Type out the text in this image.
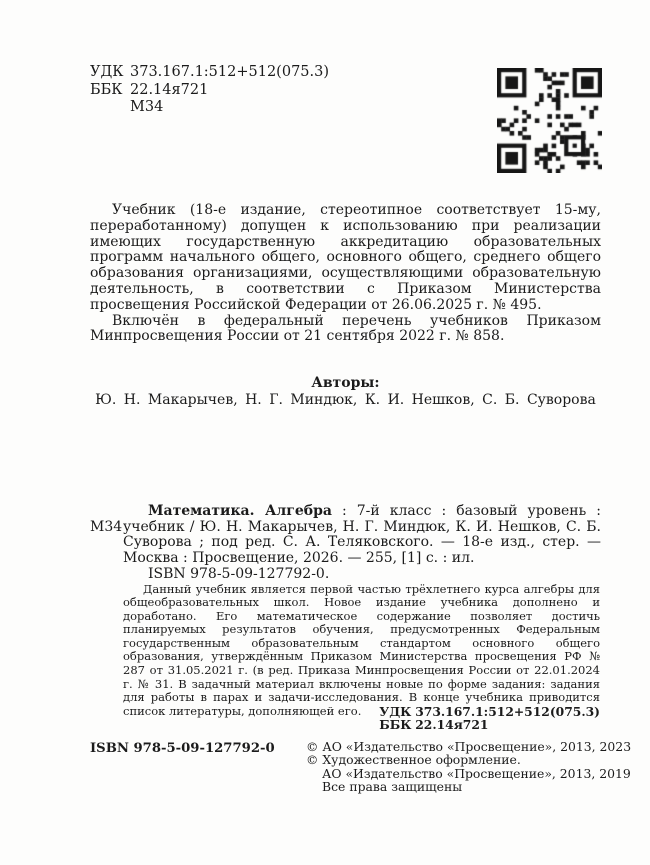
УДК 373.167.1:512+512(075.3)
ББК 22.14я721
М34

Учебник (18-е издание, стереотипное соответствует 15-му, переработанному) допущен к использованию при реализации имеющих государственную аккредитацию образовательных программ начального общего, основного общего, среднего общего образования организациями, осуществляющими образовательную деятельность, в соответствии с Приказом Министерства просвещения Российской Федерации от 26.06.2025 г. № 495.

Включён в федеральный перечень учебников Приказом Минпросвещения России от 21 сентября 2022 г. № 858.

Авторы:
Ю. Н. Макарычев, Н. Г. Миндюк, К. И. Нешков, С. Б. Суворова
М34

Математика. Алгебра : 7-й класс : базовый уровень : учебник / Ю. Н. Макарычев, Н. Г. Миндюк, К. И. Нешков, С. Б. Суворова ; под ред. С. А. Теляковского. — 18-е изд., стер. — Москва : Просвещение, 2026. — 255, [1] с. : ил.

ISBN 978-5-09-127792-0.

Данный учебник является первой частью трёхлетнего курса алгебры для общеобразовательных школ. Новое издание учебника дополнено и доработано. Его математическое содержание позволяет достичь планируемых результатов обучения, предусмотренных Федеральным государственным образовательным стандартом основного общего образования, утверждённым Приказом Министерства просвещения РФ № 287 от 31.05.2021 г. (в ред. Приказа Минпросвещения России от 22.01.2024 г. № 31. В задачный материал включены новые по форме задания: задания для работы в парах и задачи-исследования. В конце учебника приводится список литературы, дополняющей его.	УДК 373.167.1:512+512(075.3)
ББК 22.14я721
ISBN 978-5-09-127792-0	© АО «Издательство «Просвещение», 2013, 2023
© Художественное оформление.
АО «Издательство «Просвещение», 2013, 2019
Все права защищены
